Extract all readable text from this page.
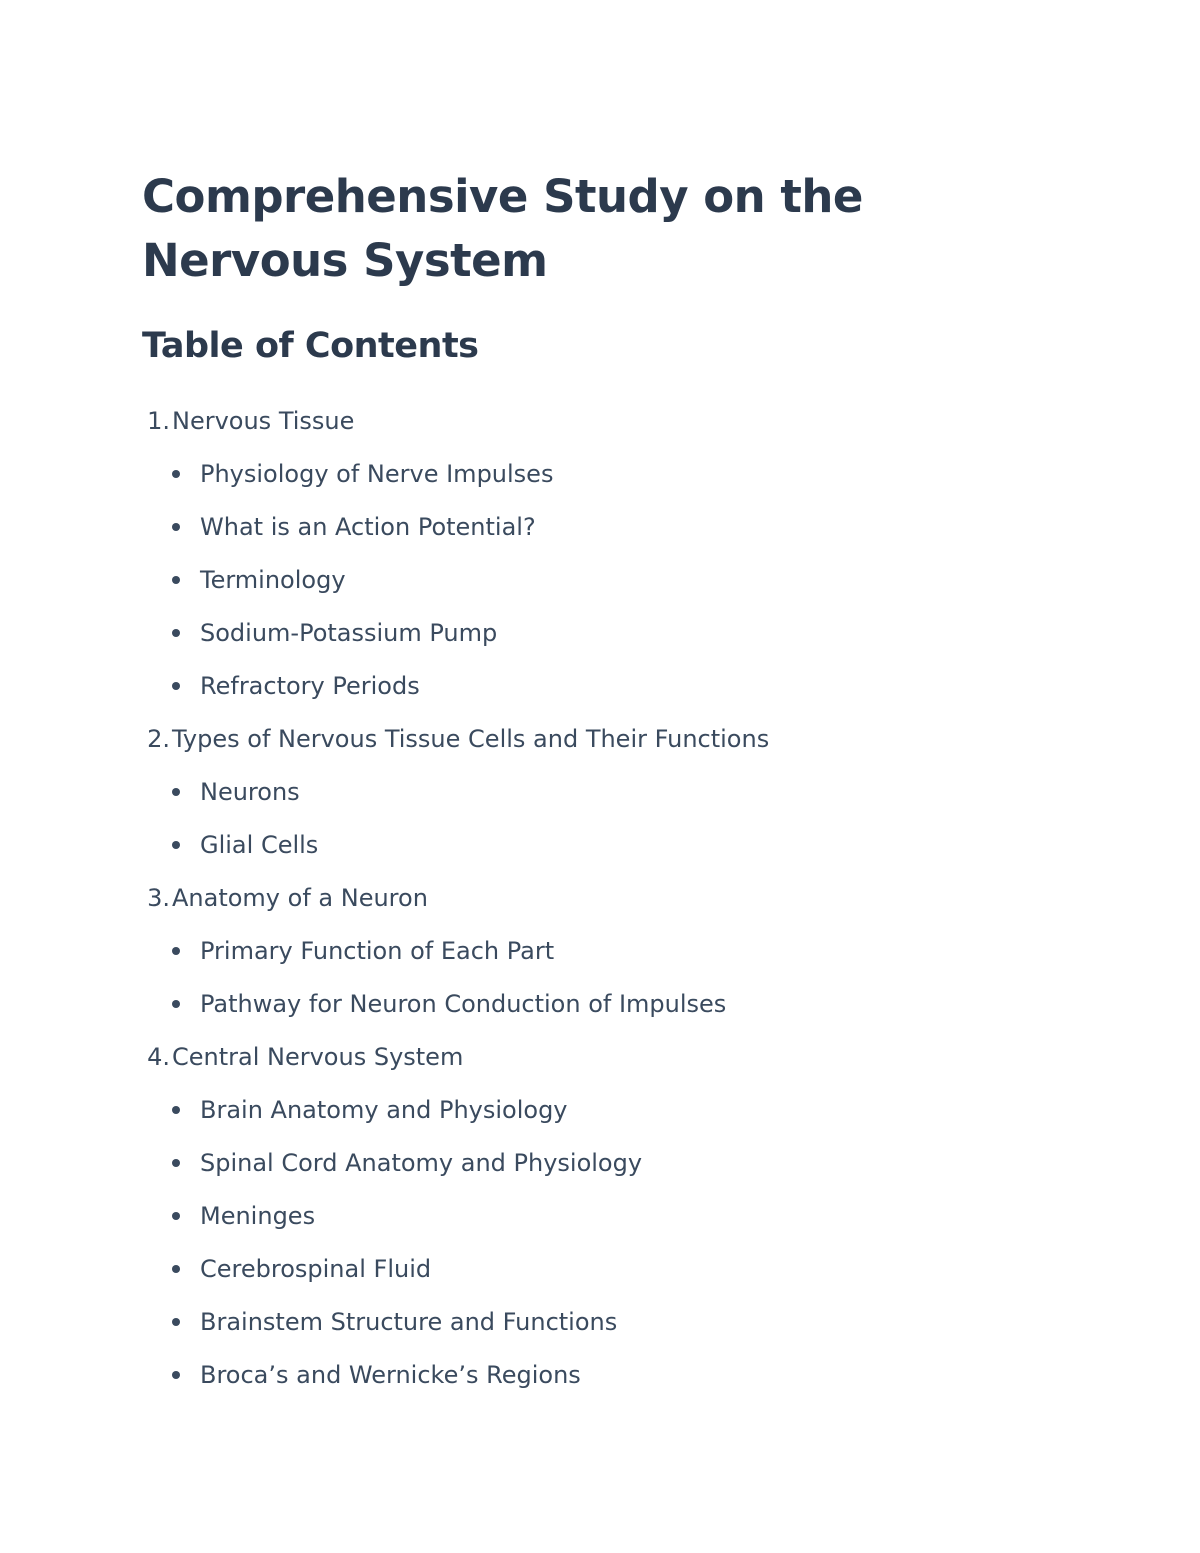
Comprehensive Study on the Nervous System
Table of Contents
1. Nervous Tissue
Physiology of Nerve Impulses
What is an Action Potential?
Terminology
Sodium-Potassium Pump
Refractory Periods
2. Types of Nervous Tissue Cells and Their Functions
Neurons
Glial Cells
3. Anatomy of a Neuron
Primary Function of Each Part
Pathway for Neuron Conduction of Impulses
4. Central Nervous System
Brain Anatomy and Physiology
Spinal Cord Anatomy and Physiology
Meninges
Cerebrospinal Fluid
Brainstem Structure and Functions
Broca’s and Wernicke’s Regions
